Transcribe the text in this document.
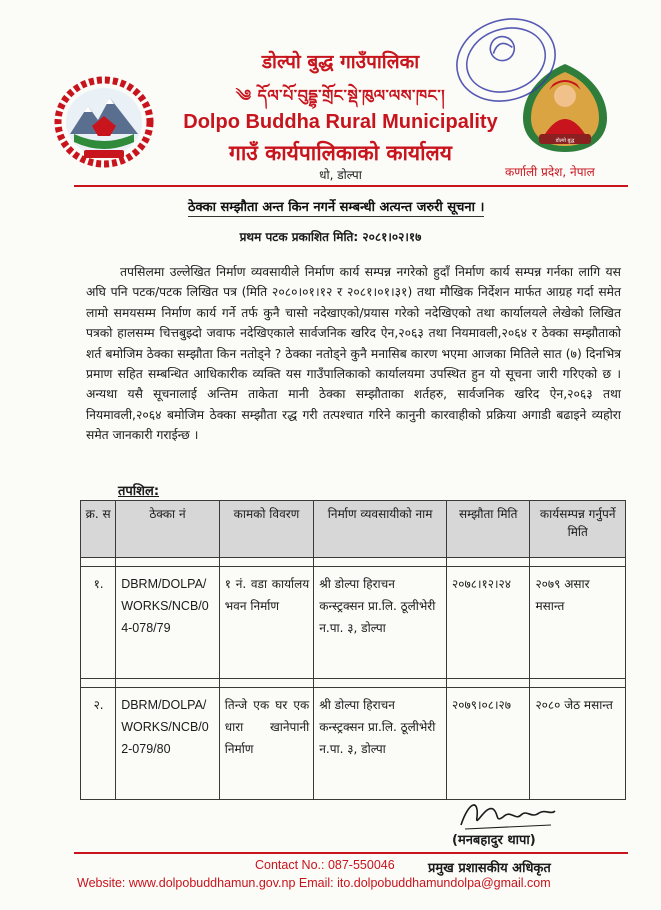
डोल्पो बुद्ध गाउँपालिका
༄ དོལ་པོ་བུདྡྷ་གྲོང་སྡེ་ཁུལ་ལས་ཁང་།
Dolpo Buddha Rural Municipality
गाउँ कार्यपालिकाको कार्यालय
धो, डोल्पा
डोल्पो बुद्ध
कर्णाली प्रदेश, नेपाल
ठेक्का सम्झौता अन्त किन नगर्ने सम्बन्धी अत्यन्त जरुरी सूचना ।
प्रथम पटक प्रकाशित मिति: २०८१।०२।१७
तपसिलमा उल्लेखित निर्माण व्यवसायीले निर्माण कार्य सम्पन्न नगरेको हुदाँ निर्माण कार्य सम्पन्न गर्नका लागि यस अघि पनि पटक/पटक लिखित पत्र (मिति २०८०।०१।१२ र २०८१।०१।३१) तथा मौखिक निर्देशन मार्फत आग्रह गर्दा समेत लामो समयसम्म निर्माण कार्य गर्ने तर्फ कुनै चासो नदेखाएको/प्रयास गरेको नदेखिएको तथा कार्यालयले लेखेको लिखित पत्रको हालसम्म चित्तबुझ्दो जवाफ नदेखिएकाले सार्वजनिक खरिद ऐन,२०६३ तथा नियमावली,२०६४ र ठेक्का सम्झौताको शर्त बमोजिम ठेक्का सम्झौता किन नतोड्ने ? ठेक्का नतोड्ने कुनै मनासिब कारण भएमा आजका मितिले सात (७) दिनभित्र प्रमाण सहित सम्बन्धित आधिकारीक व्यक्ति यस गाउँपालिकाको कार्यालयमा उपस्थित हुन यो सूचना जारी गरिएको छ । अन्यथा यसै सूचनालाई अन्तिम ताकेता मानी ठेक्का सम्झौताका शर्तहरु, सार्वजनिक खरिद ऐन,२०६३ तथा नियमावली,२०६४ बमोजिम ठेक्का सम्झौता रद्ध गरी तत्पश्चात गरिने कानुनी कारवाहीको प्रक्रिया अगाडी बढाइने व्यहोरा समेत जानकारी गराईन्छ ।
तपशिल:
क्र. स	ठेक्का नं	कामको विवरण	निर्माण व्यवसायीको नाम	सम्झौता मिति	कार्यसम्पन्न गर्नुपर्ने मिति

१.	DBRM/DOLPA/WORKS/NCB/04-078/79	१ नं. वडा कार्यालय भवन निर्माण	श्री डोल्पा हिराचन कन्स्ट्रक्सन प्रा.लि. ठूलीभेरी न.पा. ३, डोल्पा	२०७८।१२।२४	२०७९ असार मसान्त

२.	DBRM/DOLPA/WORKS/NCB/02-079/80	तिन्जे एक घर एक धारा खानेपानी निर्माण	श्री डोल्पा हिराचन कन्स्ट्रक्सन प्रा.लि. ठूलीभेरी न.पा. ३, डोल्पा	२०७९।०८।२७	२०८० जेठ मसान्त
(मनबहादुर थापा)
Contact No.: 087-550046	प्रमुख प्रशासकीय अधिकृत
Website: www.dolpobuddhamun.gov.np Email: ito.dolpobuddhamundolpa@gmail.com
